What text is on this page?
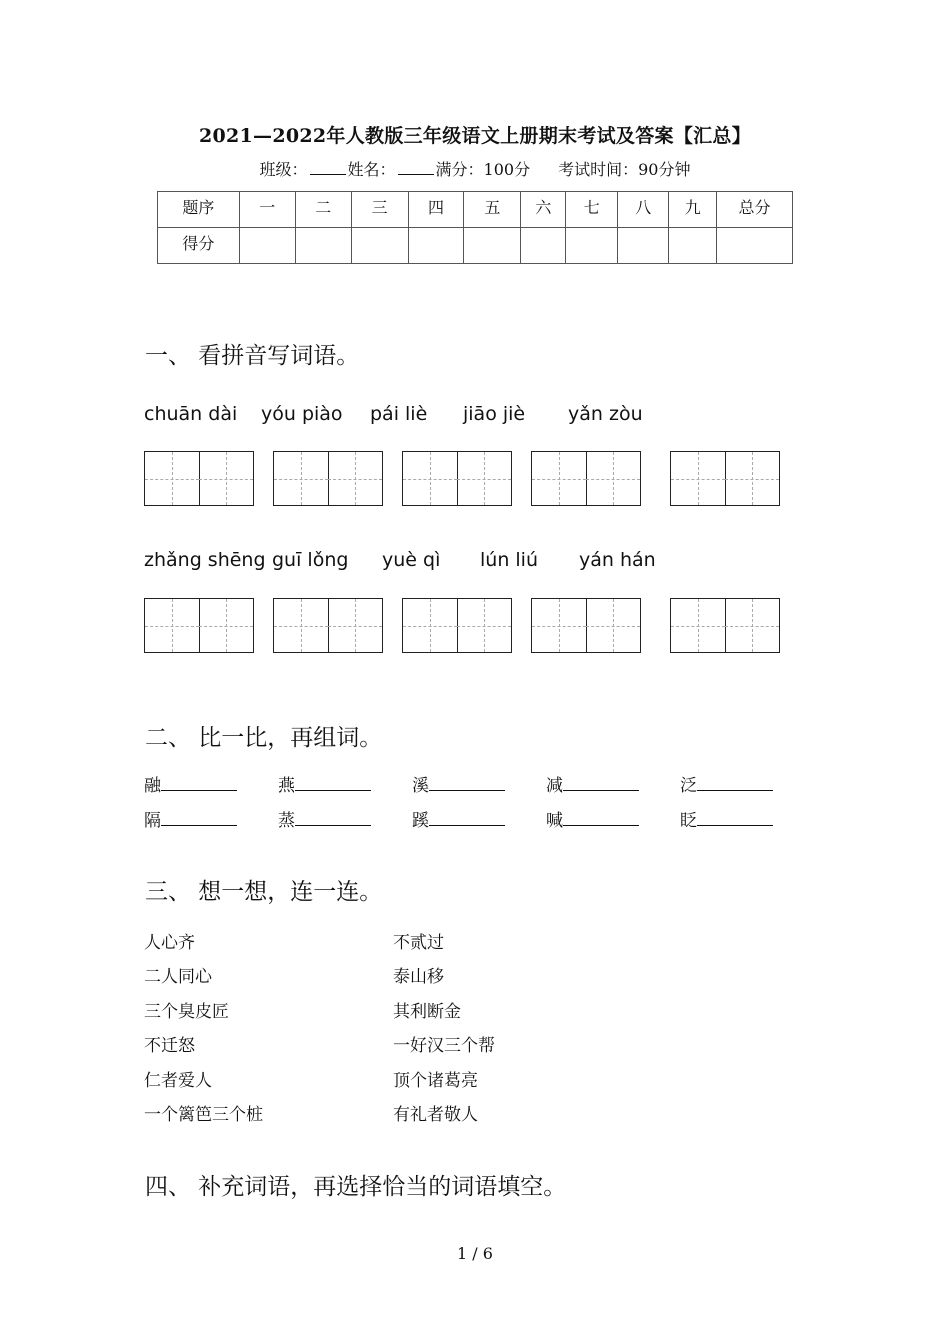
2021—2022年人教版三年级语文上册期末考试及答案【汇总】
班级：	姓名：	满分：100分 考试时间：90分钟
题序	一	二	三	四	五	六	七	八	九	总分
得分										
一、 看拼音写词语。
chuān dài yóu piào pái liè jiāo jiè yǎn zòu
zhǎng shēng guī lǒng yuè qì lún liú yán hán
二、 比一比，再组词。
融	燕	溪	减	泛
隔	蒸	蹊	喊	眨
三、 想一想，连一连。
人心齐
二人同心
三个臭皮匠
不迁怒
仁者爱人
一个篱笆三个桩
不贰过
泰山移
其利断金
一好汉三个帮
顶个诸葛亮
有礼者敬人
四、 补充词语，再选择恰当的词语填空。
1 / 6
